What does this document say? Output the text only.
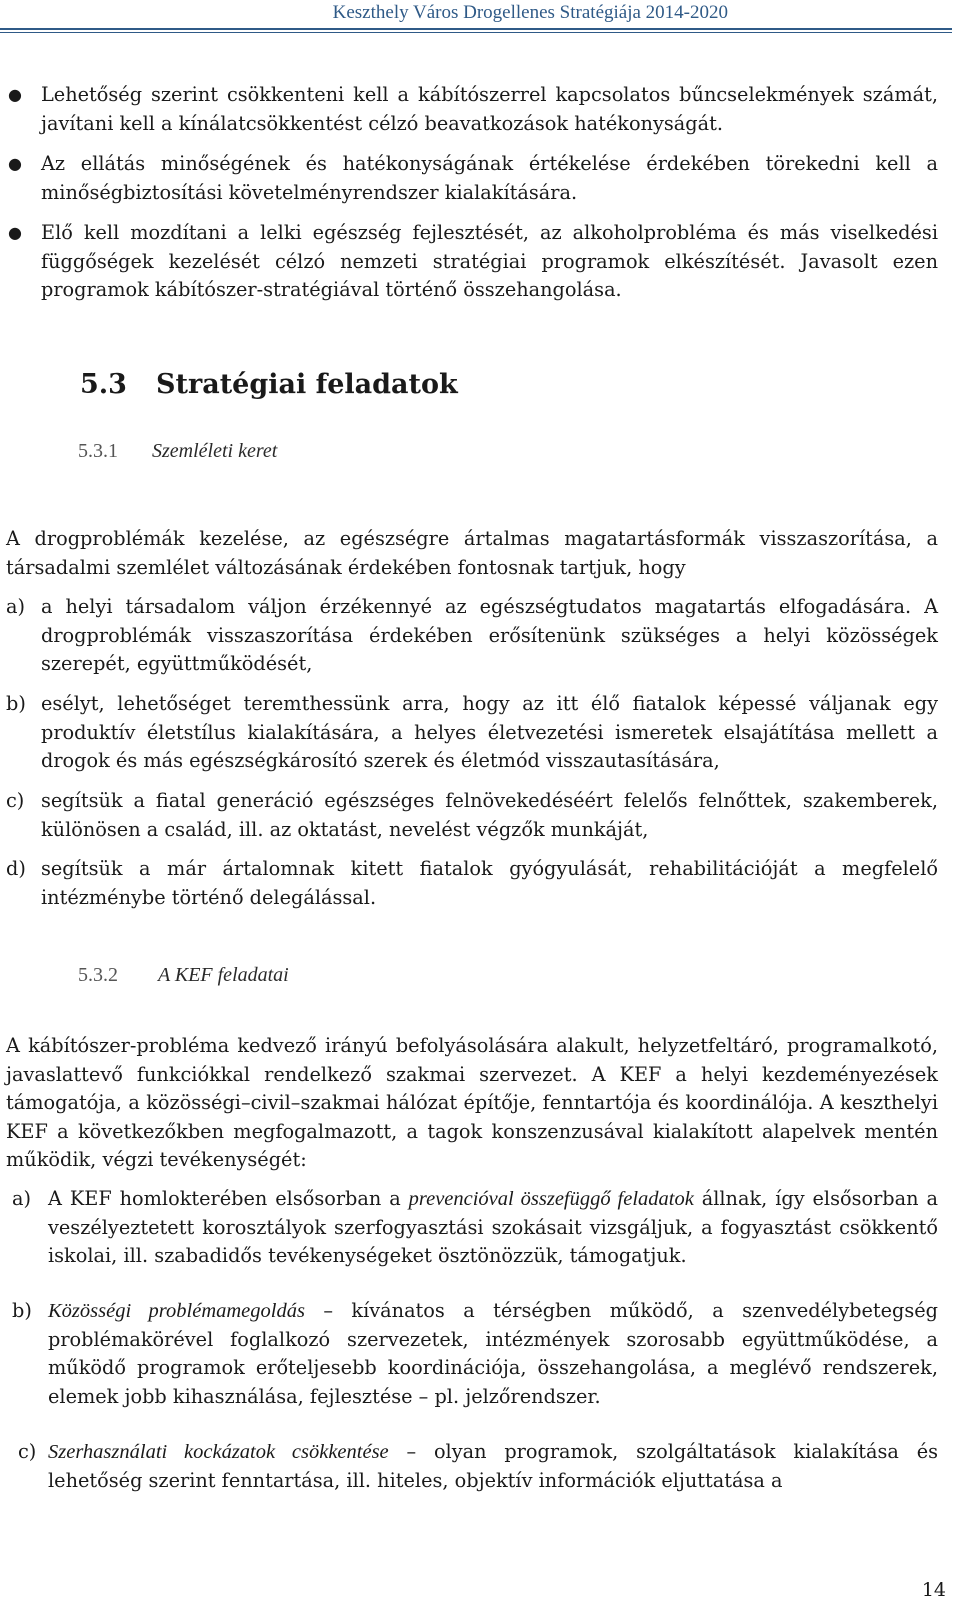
Keszthely Város Drogellenes Stratégiája 2014-2020
● Lehetőség szerint csökkenteni kell a kábítószerrel kapcsolatos bűncselekmények számát, javítani kell a kínálatcsökkentést célzó beavatkozások hatékonyságát.
● Az ellátás minőségének és hatékonyságának értékelése érdekében törekedni kell a minőségbiztosítási követelményrendszer kialakítására.
● Elő kell mozdítani a lelki egészség fejlesztését, az alkoholprobléma és más viselkedési függőségek kezelését célzó nemzeti stratégiai programok elkészítését. Javasolt ezen programok kábítószer-stratégiával történő összehangolása.
5.3 Stratégiai feladatok
5.3.1 Szemléleti keret
A drogproblémák kezelése, az egészségre ártalmas magatartásformák visszaszorítása, a társadalmi szemlélet változásának érdekében fontosnak tartjuk, hogy
a) a helyi társadalom váljon érzékennyé az egészségtudatos magatartás elfogadására. A drogproblémák visszaszorítása érdekében erősítenünk szükséges a helyi közösségek szerepét, együttműködését,
b) esélyt, lehetőséget teremthessünk arra, hogy az itt élő fiatalok képessé váljanak egy produktív életstílus kialakítására, a helyes életvezetési ismeretek elsajátítása mellett a drogok és más egészségkárosító szerek és életmód visszautasítására,
c) segítsük a fiatal generáció egészséges felnövekedéséért felelős felnőttek, szakemberek, különösen a család, ill. az oktatást, nevelést végzők munkáját,
d) segítsük a már ártalomnak kitett fiatalok gyógyulását, rehabilitációját a megfelelő intézménybe történő delegálással.
5.3.2 A KEF feladatai
A kábítószer-probléma kedvező irányú befolyásolására alakult, helyzetfeltáró, programalkotó, javaslattevő funkciókkal rendelkező szakmai szervezet. A KEF a helyi kezdeményezések támogatója, a közösségi–civil–szakmai hálózat építője, fenntartója és koordinálója. A keszthelyi KEF a következőkben megfogalmazott, a tagok konszenzusával kialakított alapelvek mentén működik, végzi tevékenységét:
a) A KEF homlokterében elsősorban a prevencióval összefüggő feladatok állnak, így elsősorban a veszélyeztetett korosztályok szerfogyasztási szokásait vizsgáljuk, a fogyasztást csökkentő iskolai, ill. szabadidős tevékenységeket ösztönözzük, támogatjuk.
b) Közösségi problémamegoldás – kívánatos a térségben működő, a szenvedélybetegség problémakörével foglalkozó szervezetek, intézmények szorosabb együttműködése, a működő programok erőteljesebb koordinációja, összehangolása, a meglévő rendszerek, elemek jobb kihasználása, fejlesztése – pl. jelzőrendszer.
c) Szerhasználati kockázatok csökkentése – olyan programok, szolgáltatások kialakítása és lehetőség szerint fenntartása, ill. hiteles, objektív információk eljuttatása a
14
